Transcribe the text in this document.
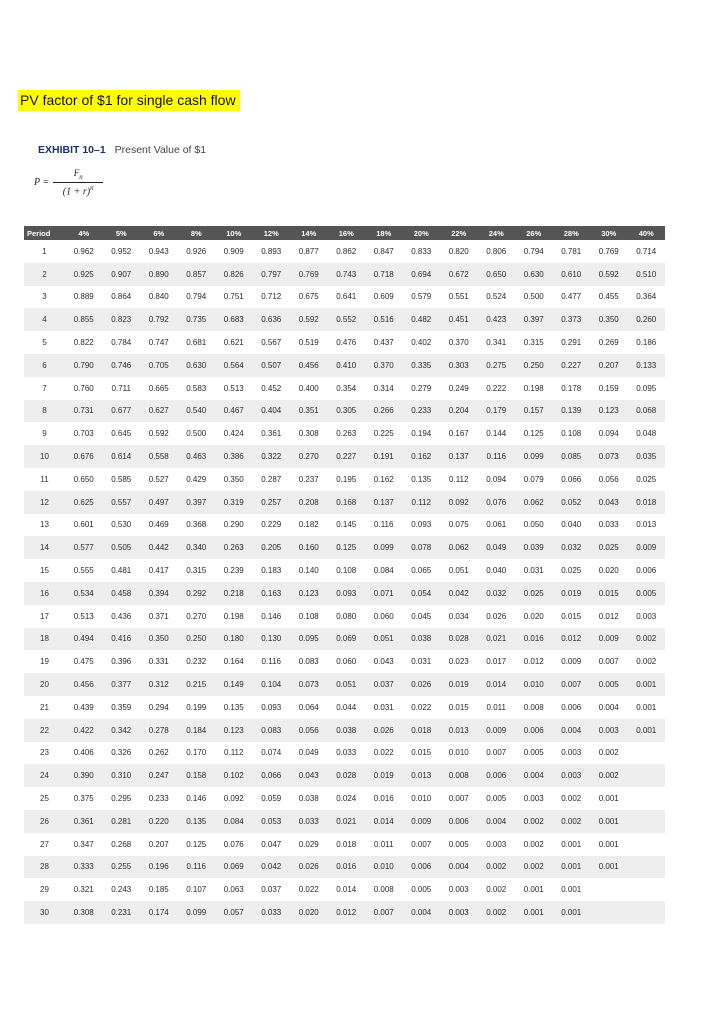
PV factor of $1 for single cash flow
EXHIBIT 10–1 Present Value of $1
$P = \frac{F_n}{(1 + r)^n}$
Period	4%	5%	6%	8%	10%	12%	14%	16%	18%	20%	22%	24%	26%	28%	30%	40%
1	0.962	0.952	0.943	0.926	0.909	0.893	0.877	0.862	0.847	0.833	0.820	0.806	0.794	0.781	0.769	0.714
2	0.925	0.907	0.890	0.857	0.826	0.797	0.769	0.743	0.718	0.694	0.672	0.650	0.630	0.610	0.592	0.510
3	0.889	0.864	0.840	0.794	0.751	0.712	0.675	0.641	0.609	0.579	0.551	0.524	0.500	0.477	0.455	0.364
4	0.855	0.823	0.792	0.735	0.683	0.636	0.592	0.552	0.516	0.482	0.451	0.423	0.397	0.373	0.350	0.260
5	0.822	0.784	0.747	0.681	0.621	0.567	0.519	0.476	0.437	0.402	0.370	0.341	0.315	0.291	0.269	0.186
6	0.790	0.746	0.705	0.630	0.564	0.507	0.456	0.410	0.370	0.335	0.303	0.275	0.250	0.227	0.207	0.133
7	0.760	0.711	0.665	0.583	0.513	0.452	0.400	0.354	0.314	0.279	0.249	0.222	0.198	0.178	0.159	0.095
8	0.731	0.677	0.627	0.540	0.467	0.404	0.351	0.305	0.266	0.233	0.204	0.179	0.157	0.139	0.123	0.068
9	0.703	0.645	0.592	0.500	0.424	0.361	0.308	0.263	0.225	0.194	0.167	0.144	0.125	0.108	0.094	0.048
10	0.676	0.614	0.558	0.463	0.386	0.322	0.270	0.227	0.191	0.162	0.137	0.116	0.099	0.085	0.073	0.035
11	0.650	0.585	0.527	0.429	0.350	0.287	0.237	0.195	0.162	0.135	0.112	0.094	0.079	0.066	0.056	0.025
12	0.625	0.557	0.497	0.397	0.319	0.257	0.208	0.168	0.137	0.112	0.092	0.076	0.062	0.052	0.043	0.018
13	0.601	0.530	0.469	0.368	0.290	0.229	0.182	0.145	0.116	0.093	0.075	0.061	0.050	0.040	0.033	0.013
14	0.577	0.505	0.442	0.340	0.263	0.205	0.160	0.125	0.099	0.078	0.062	0.049	0.039	0.032	0.025	0.009
15	0.555	0.481	0.417	0.315	0.239	0.183	0.140	0.108	0.084	0.065	0.051	0.040	0.031	0.025	0.020	0.006
16	0.534	0.458	0.394	0.292	0.218	0.163	0.123	0.093	0.071	0.054	0.042	0.032	0.025	0.019	0.015	0.005
17	0.513	0.436	0.371	0.270	0.198	0.146	0.108	0.080	0.060	0.045	0.034	0.026	0.020	0.015	0.012	0.003
18	0.494	0.416	0.350	0.250	0.180	0.130	0.095	0.069	0.051	0.038	0.028	0.021	0.016	0.012	0.009	0.002
19	0.475	0.396	0.331	0.232	0.164	0.116	0.083	0.060	0.043	0.031	0.023	0.017	0.012	0.009	0.007	0.002
20	0.456	0.377	0.312	0.215	0.149	0.104	0.073	0.051	0.037	0.026	0.019	0.014	0.010	0.007	0.005	0.001
21	0.439	0.359	0.294	0.199	0.135	0.093	0.064	0.044	0.031	0.022	0.015	0.011	0.008	0.006	0.004	0.001
22	0.422	0.342	0.278	0.184	0.123	0.083	0.056	0.038	0.026	0.018	0.013	0.009	0.006	0.004	0.003	0.001
23	0.406	0.326	0.262	0.170	0.112	0.074	0.049	0.033	0.022	0.015	0.010	0.007	0.005	0.003	0.002	
24	0.390	0.310	0.247	0.158	0.102	0.066	0.043	0.028	0.019	0.013	0.008	0.006	0.004	0.003	0.002	
25	0.375	0.295	0.233	0.146	0.092	0.059	0.038	0.024	0.016	0.010	0.007	0.005	0.003	0.002	0.001	
26	0.361	0.281	0.220	0.135	0.084	0.053	0.033	0.021	0.014	0.009	0.006	0.004	0.002	0.002	0.001	
27	0.347	0.268	0.207	0.125	0.076	0.047	0.029	0.018	0.011	0.007	0.005	0.003	0.002	0.001	0.001	
28	0.333	0.255	0.196	0.116	0.069	0.042	0.026	0.016	0.010	0.006	0.004	0.002	0.002	0.001	0.001	
29	0.321	0.243	0.185	0.107	0.063	0.037	0.022	0.014	0.008	0.005	0.003	0.002	0.001	0.001		
30	0.308	0.231	0.174	0.099	0.057	0.033	0.020	0.012	0.007	0.004	0.003	0.002	0.001	0.001		
